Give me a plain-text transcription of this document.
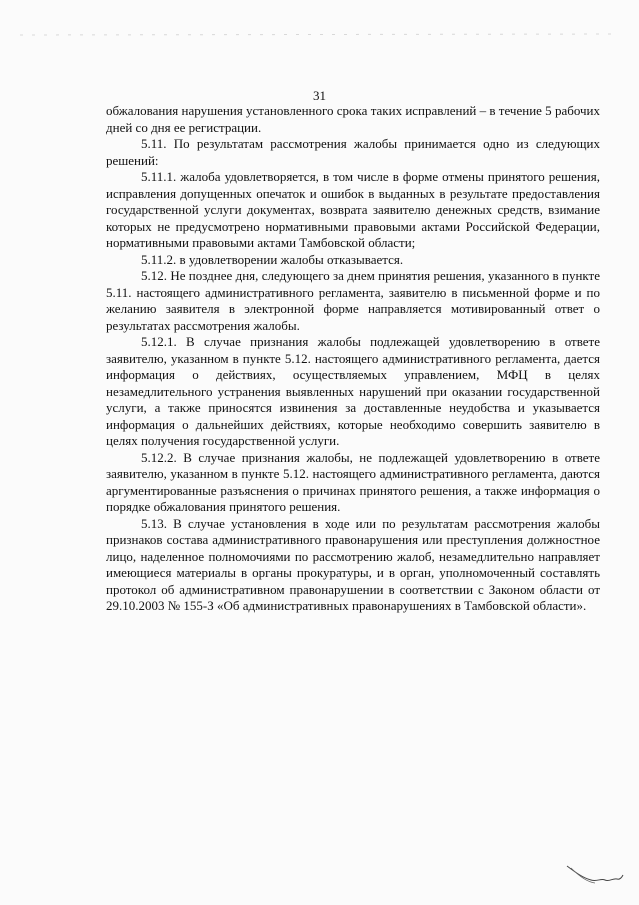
31

обжалования нарушения установленного срока таких исправлений – в течение 5 рабочих дней со дня ее регистрации.

5.11. По результатам рассмотрения жалобы принимается одно из следующих решений:

5.11.1. жалоба удовлетворяется, в том числе в форме отмены принятого решения, исправления допущенных опечаток и ошибок в выданных в результате предоставления государственной услуги документах, возврата заявителю денежных средств, взимание которых не предусмотрено нормативными правовыми актами Российской Федерации, нормативными правовыми актами Тамбовской области;

5.11.2. в удовлетворении жалобы отказывается.

5.12. Не позднее дня, следующего за днем принятия решения, указанного в пункте 5.11. настоящего административного регламента, заявителю в письменной форме и по желанию заявителя в электронной форме направляется мотивированный ответ о результатах рассмотрения жалобы.

5.12.1. В случае признания жалобы подлежащей удовлетворению в ответе заявителю, указанном в пункте 5.12. настоящего административного регламента, дается информация о действиях, осуществляемых управлением, МФЦ в целях незамедлительного устранения выявленных нарушений при оказании государственной услуги, а также приносятся извинения за доставленные неудобства и указывается информация о дальнейших действиях, которые необходимо совершить заявителю в целях получения государственной услуги.

5.12.2. В случае признания жалобы, не подлежащей удовлетворению в ответе заявителю, указанном в пункте 5.12. настоящего административного регламента, даются аргументированные разъяснения о причинах принятого решения, а также информация о порядке обжалования принятого решения.

5.13. В случае установления в ходе или по результатам рассмотрения жалобы признаков состава административного правонарушения или преступления должностное лицо, наделенное полномочиями по рассмотрению жалоб, незамедлительно направляет имеющиеся материалы в органы прокуратуры, и в орган, уполномоченный составлять протокол об административном правонарушении в соответствии с Законом области от 29.10.2003 № 155-З «Об административных правонарушениях в Тамбовской области».
